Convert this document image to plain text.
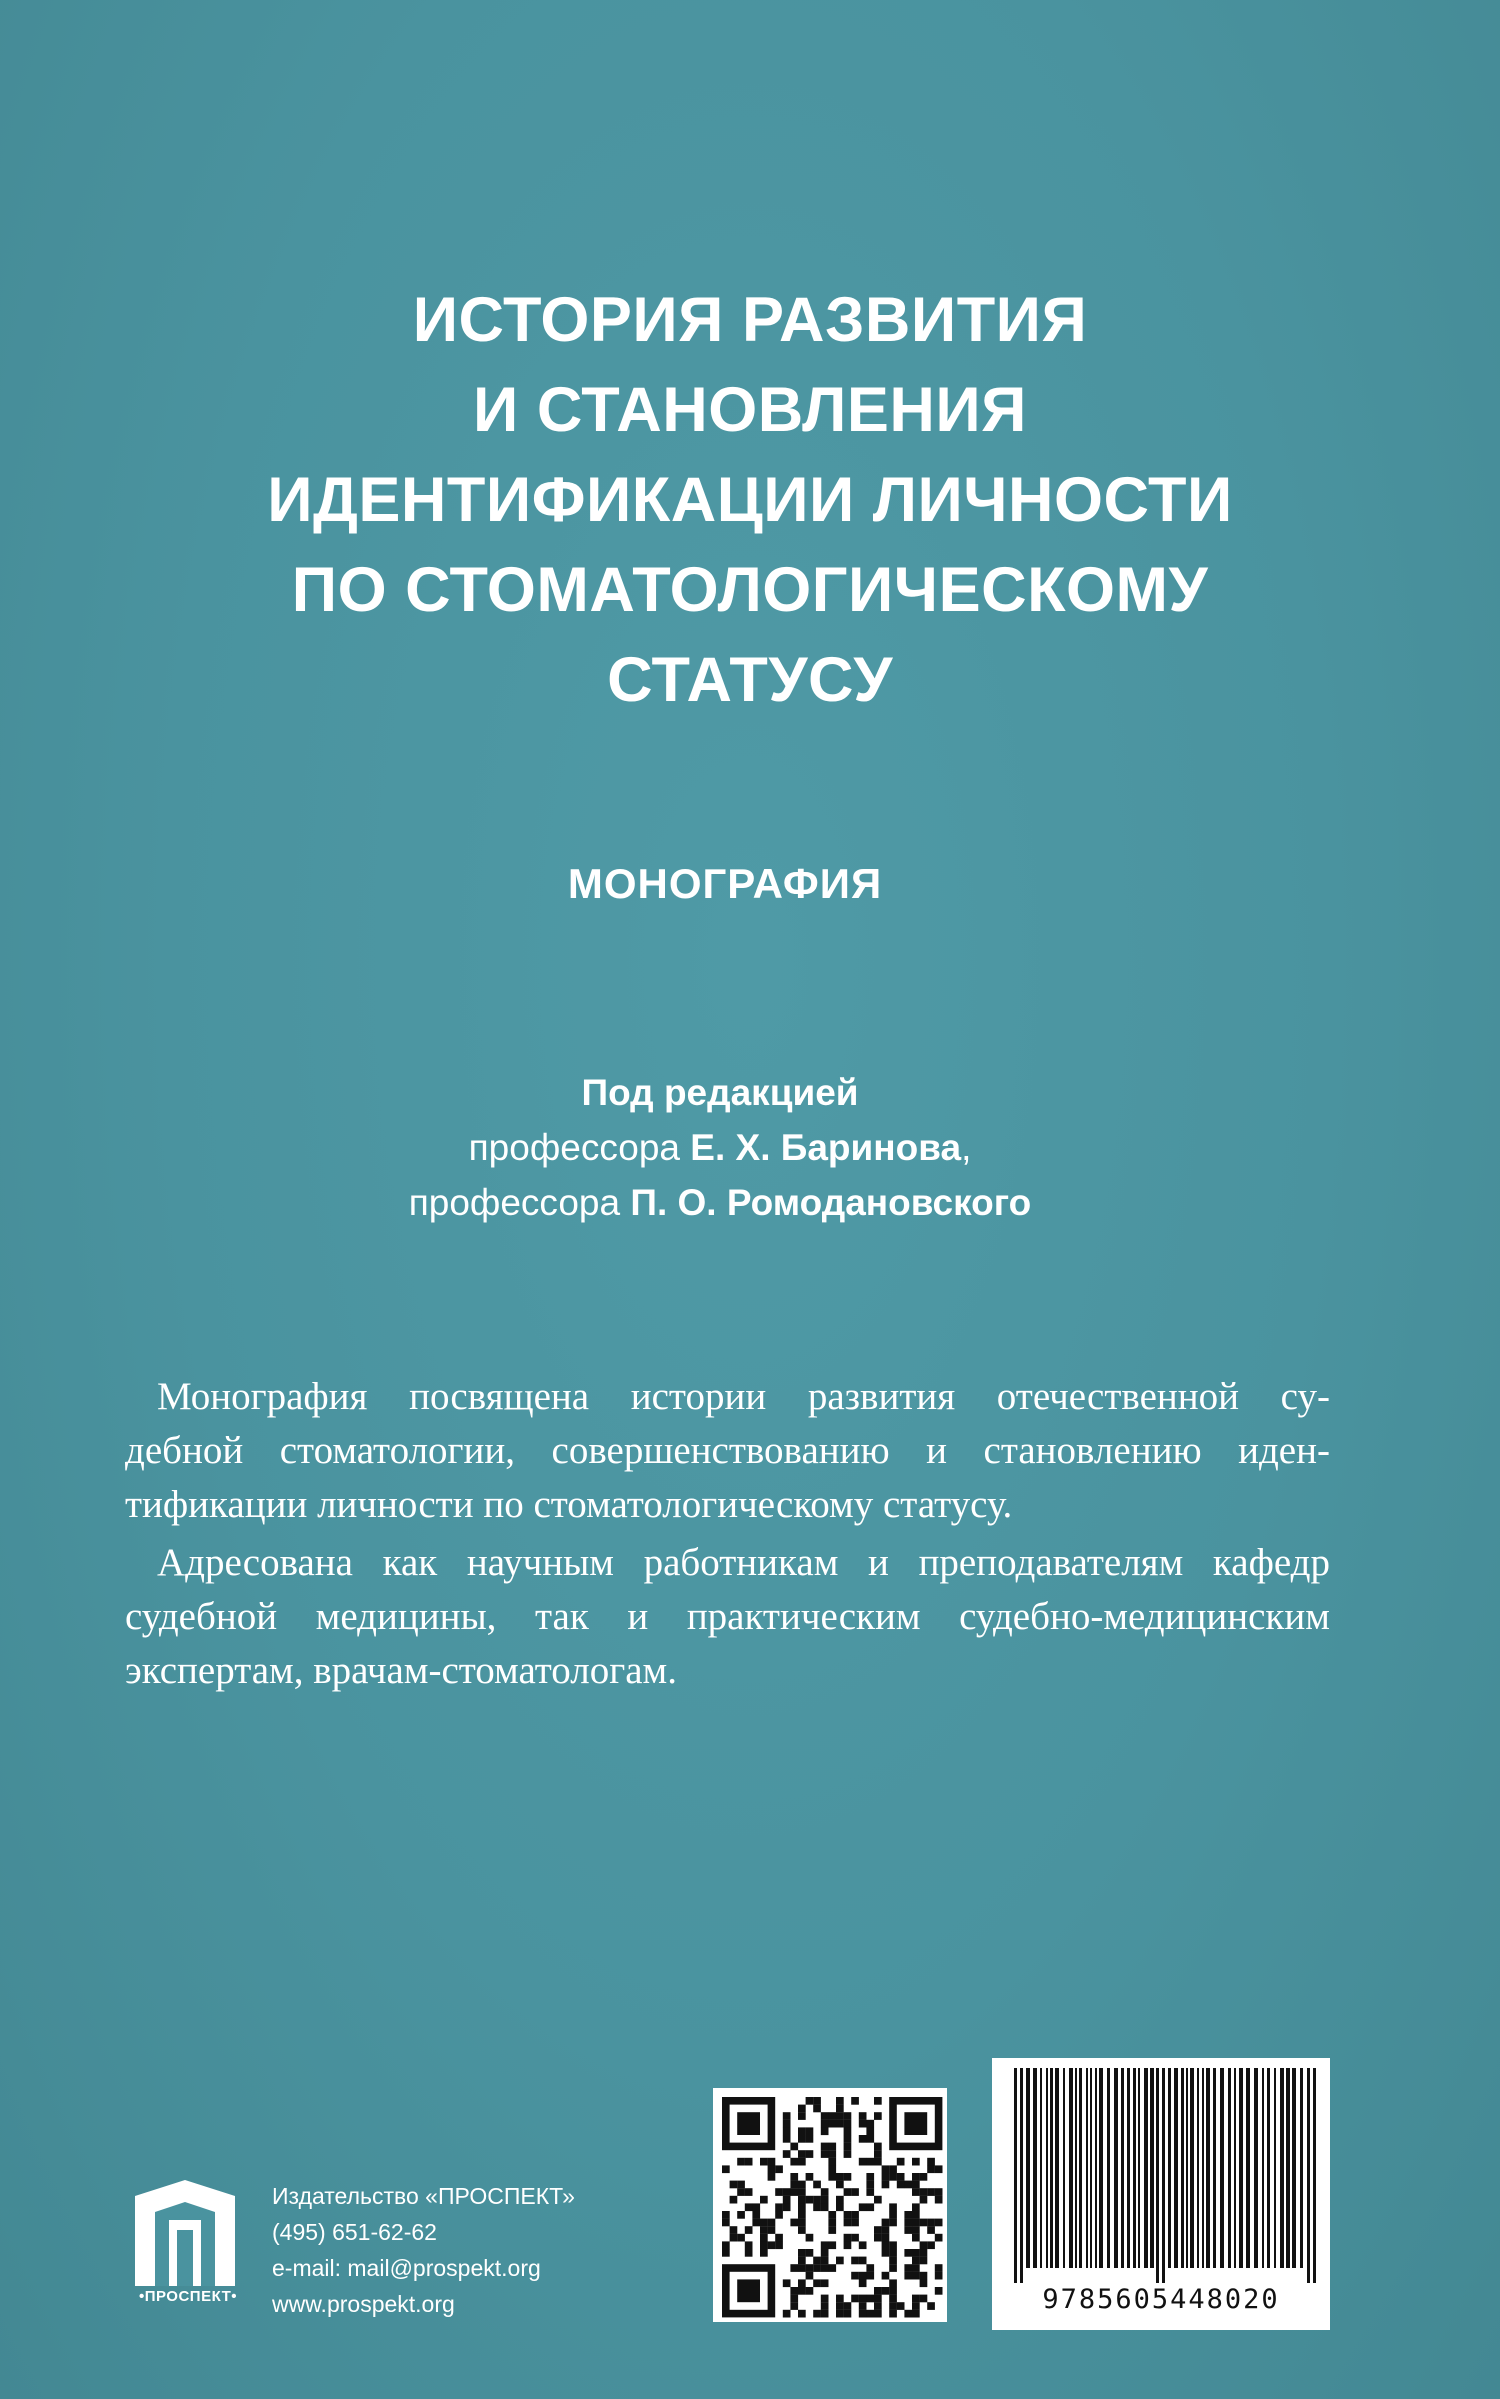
ИСТОРИЯ РАЗВИТИЯ
И СТАНОВЛЕНИЯ
ИДЕНТИФИКАЦИИ ЛИЧНОСТИ
ПО СТОМАТОЛОГИЧЕСКОМУ
СТАТУСУ
МОНОГРАФИЯ
Под редакцией
профессора Е. Х. Баринова,
профессора П. О. Ромодановского
Монография посвящена истории развития отечественной су-
дебной стоматологии, совершенствованию и становлению иден-
тификации личности по стоматологическому статусу.
Адресована как научным работникам и преподавателям кафедр
судебной медицины, так и практическим судебно-медицинским
экспертам, врачам-стоматологам.
•ПРОСПЕКТ•
Издательство «ПРОСПЕКТ»
(495) 651-62-62
e-mail: mail@prospekt.org
www.prospekt.org	9785605448020
